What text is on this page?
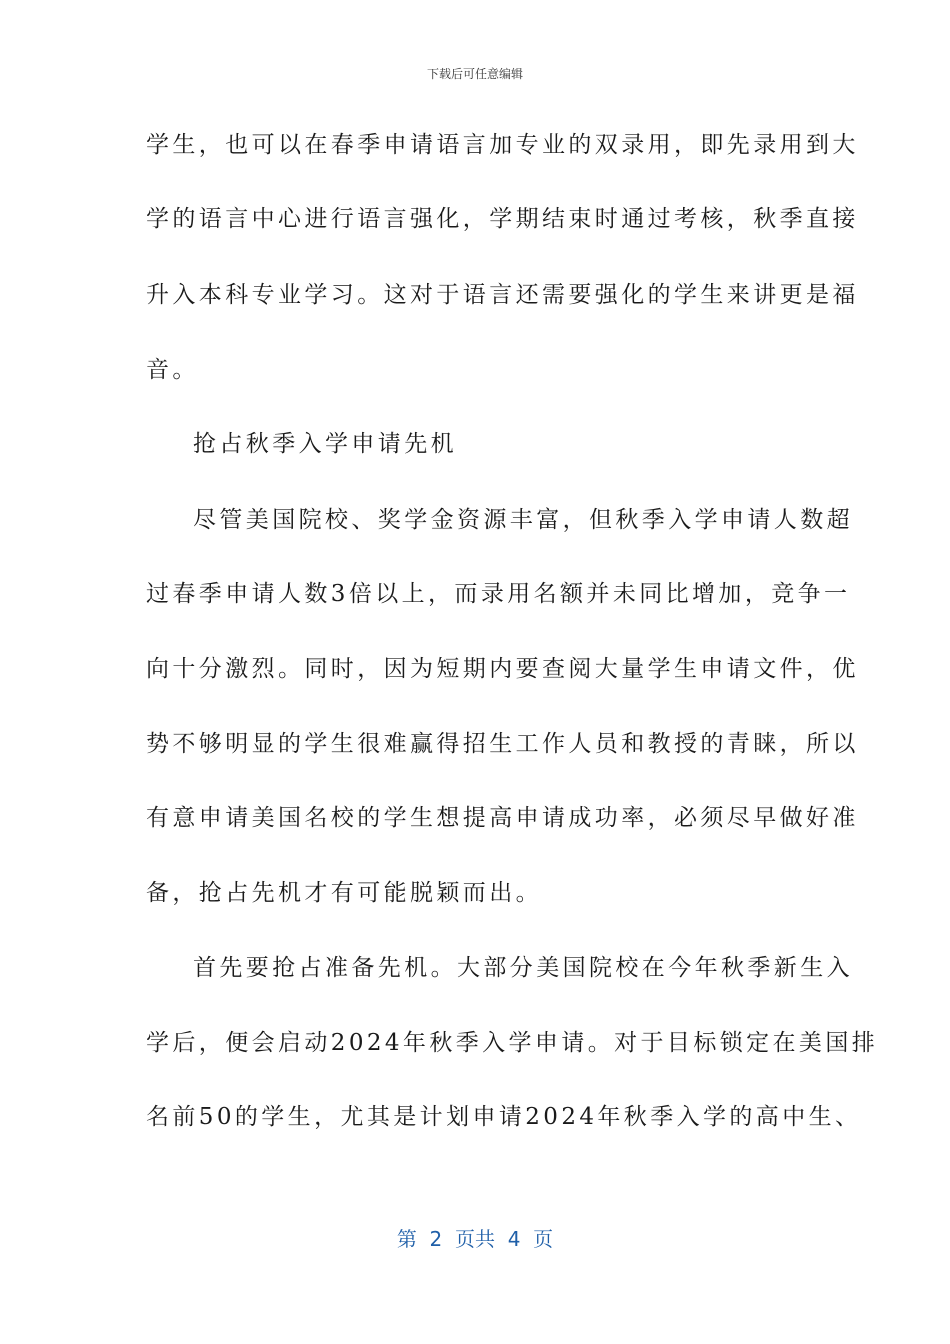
下载后可任意编辑
学生，也可以在春季申请语言加专业的双录用，即先录用到大
学的语言中心进行语言强化，学期结束时通过考核，秋季直接
升入本科专业学习。这对于语言还需要强化的学生来讲更是福
音。
抢占秋季入学申请先机
尽管美国院校、奖学金资源丰富，但秋季入学申请人数超
过春季申请人数3倍以上，而录用名额并未同比增加，竞争一
向十分激烈。同时，因为短期内要查阅大量学生申请文件，优
势不够明显的学生很难赢得招生工作人员和教授的青睐，所以
有意申请美国名校的学生想提高申请成功率，必须尽早做好准
备，抢占先机才有可能脱颖而出。
首先要抢占准备先机。大部分美国院校在今年秋季新生入
学后，便会启动2024年秋季入学申请。对于目标锁定在美国排
名前50的学生，尤其是计划申请2024年秋季入学的高中生、
第  2  页共  4  页
